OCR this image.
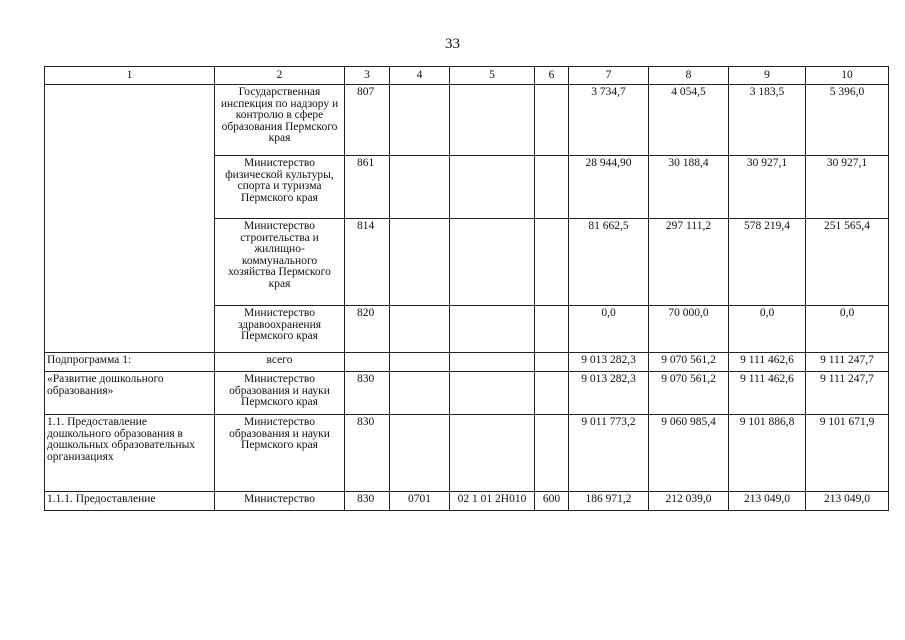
33
1	2	3	4	5	6	7	8	9	10
	Государственная инспекция по надзору и контролю в сфере образования Пермского края	807				3 734,7	4 054,5	3 183,5	5 396,0
	Министерство физической культуры, спорта и туризма Пермского края	861				28 944,90	30 188,4	30 927,1	30 927,1
	Министерство строительства и жилищно-коммунального хозяйства Пермского края	814				81 662,5	297 111,2	578 219,4	251 565,4
	Министерство здравоохранения Пермского края	820				0,0	70 000,0	0,0	0,0
Подпрограмма 1:	всего					9 013 282,3	9 070 561,2	9 111 462,6	9 111 247,7
«Развитие дошкольного образования»	Министерство образования и науки Пермского края	830				9 013 282,3	9 070 561,2	9 111 462,6	9 111 247,7
1.1. Предоставление дошкольного образования в дошкольных образовательных организациях	Министерство образования и науки Пермского края	830				9 011 773,2	9 060 985,4	9 101 886,8	9 101 671,9
1.1.1. Предоставление	Министерство	830	0701	02 1 01 2Н010	600	186 971,2	212 039,0	213 049,0	213 049,0
